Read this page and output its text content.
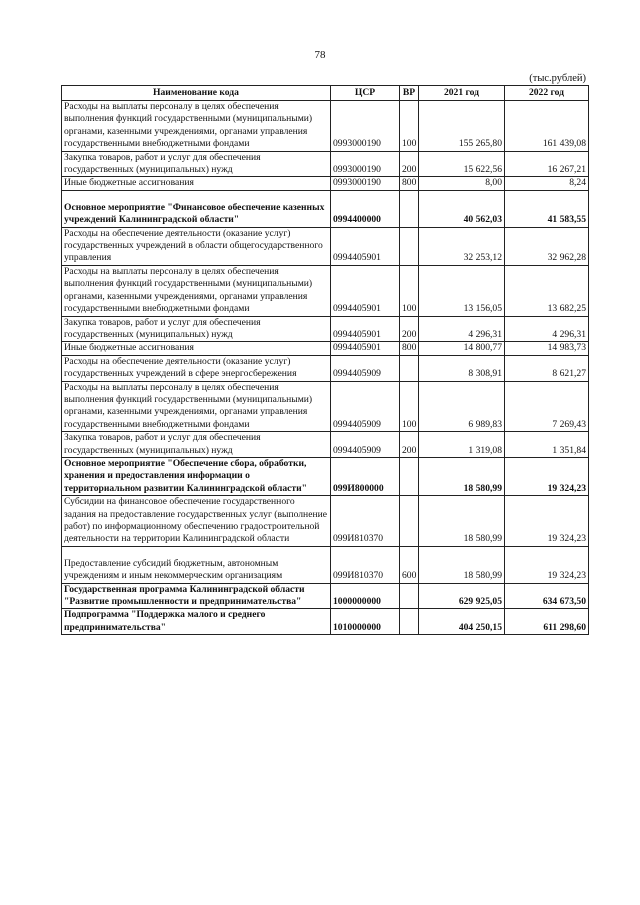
78
(тыс.рублей)
Наименование кода	ЦСР	ВР	2021 год	2022 год
Расходы на выплаты персоналу в целях обеспечения выполнения функций государственными (муниципальными) органами, казенными учреждениями, органами управления государственными внебюджетными фондами	0993000190	100	155 265,80	161 439,08
Закупка товаров, работ и услуг для обеспечения государственных (муниципальных) нужд	0993000190	200	15 622,56	16 267,21
Иные бюджетные ассигнования	0993000190	800	8,00	8,24
Основное мероприятие "Финансовое обеспечение казенных учреждений Калининградской области"	0994400000		40 562,03	41 583,55
Расходы на обеспечение деятельности (оказание услуг) государственных учреждений в области общегосударственного управления	0994405901		32 253,12	32 962,28
Расходы на выплаты персоналу в целях обеспечения выполнения функций государственными (муниципальными) органами, казенными учреждениями, органами управления государственными внебюджетными фондами	0994405901	100	13 156,05	13 682,25
Закупка товаров, работ и услуг для обеспечения государственных (муниципальных) нужд	0994405901	200	4 296,31	4 296,31
Иные бюджетные ассигнования	0994405901	800	14 800,77	14 983,73
Расходы на обеспечение деятельности (оказание услуг) государственных учреждений в сфере энергосбережения	0994405909		8 308,91	8 621,27
Расходы на выплаты персоналу в целях обеспечения выполнения функций государственными (муниципальными) органами, казенными учреждениями, органами управления государственными внебюджетными фондами	0994405909	100	6 989,83	7 269,43
Закупка товаров, работ и услуг для обеспечения государственных (муниципальных) нужд	0994405909	200	1 319,08	1 351,84
Основное мероприятие "Обеспечение сбора, обработки, хранения и предоставления информации о территориальном развитии Калининградской области"	099И800000		18 580,99	19 324,23
Субсидии на финансовое обеспечение государственного задания на предоставление государственных услуг (выполнение работ) по информационному обеспечению градостроительной деятельности на территории Калининградской области	099И810370		18 580,99	19 324,23
Предоставление субсидий бюджетным, автономным учреждениям и иным некоммерческим организациям	099И810370	600	18 580,99	19 324,23
Государственная программа Калининградской области "Развитие промышленности и предпринимательства"	1000000000		629 925,05	634 673,50
Подпрограмма "Поддержка малого и среднего предпринимательства"	1010000000		404 250,15	611 298,60
